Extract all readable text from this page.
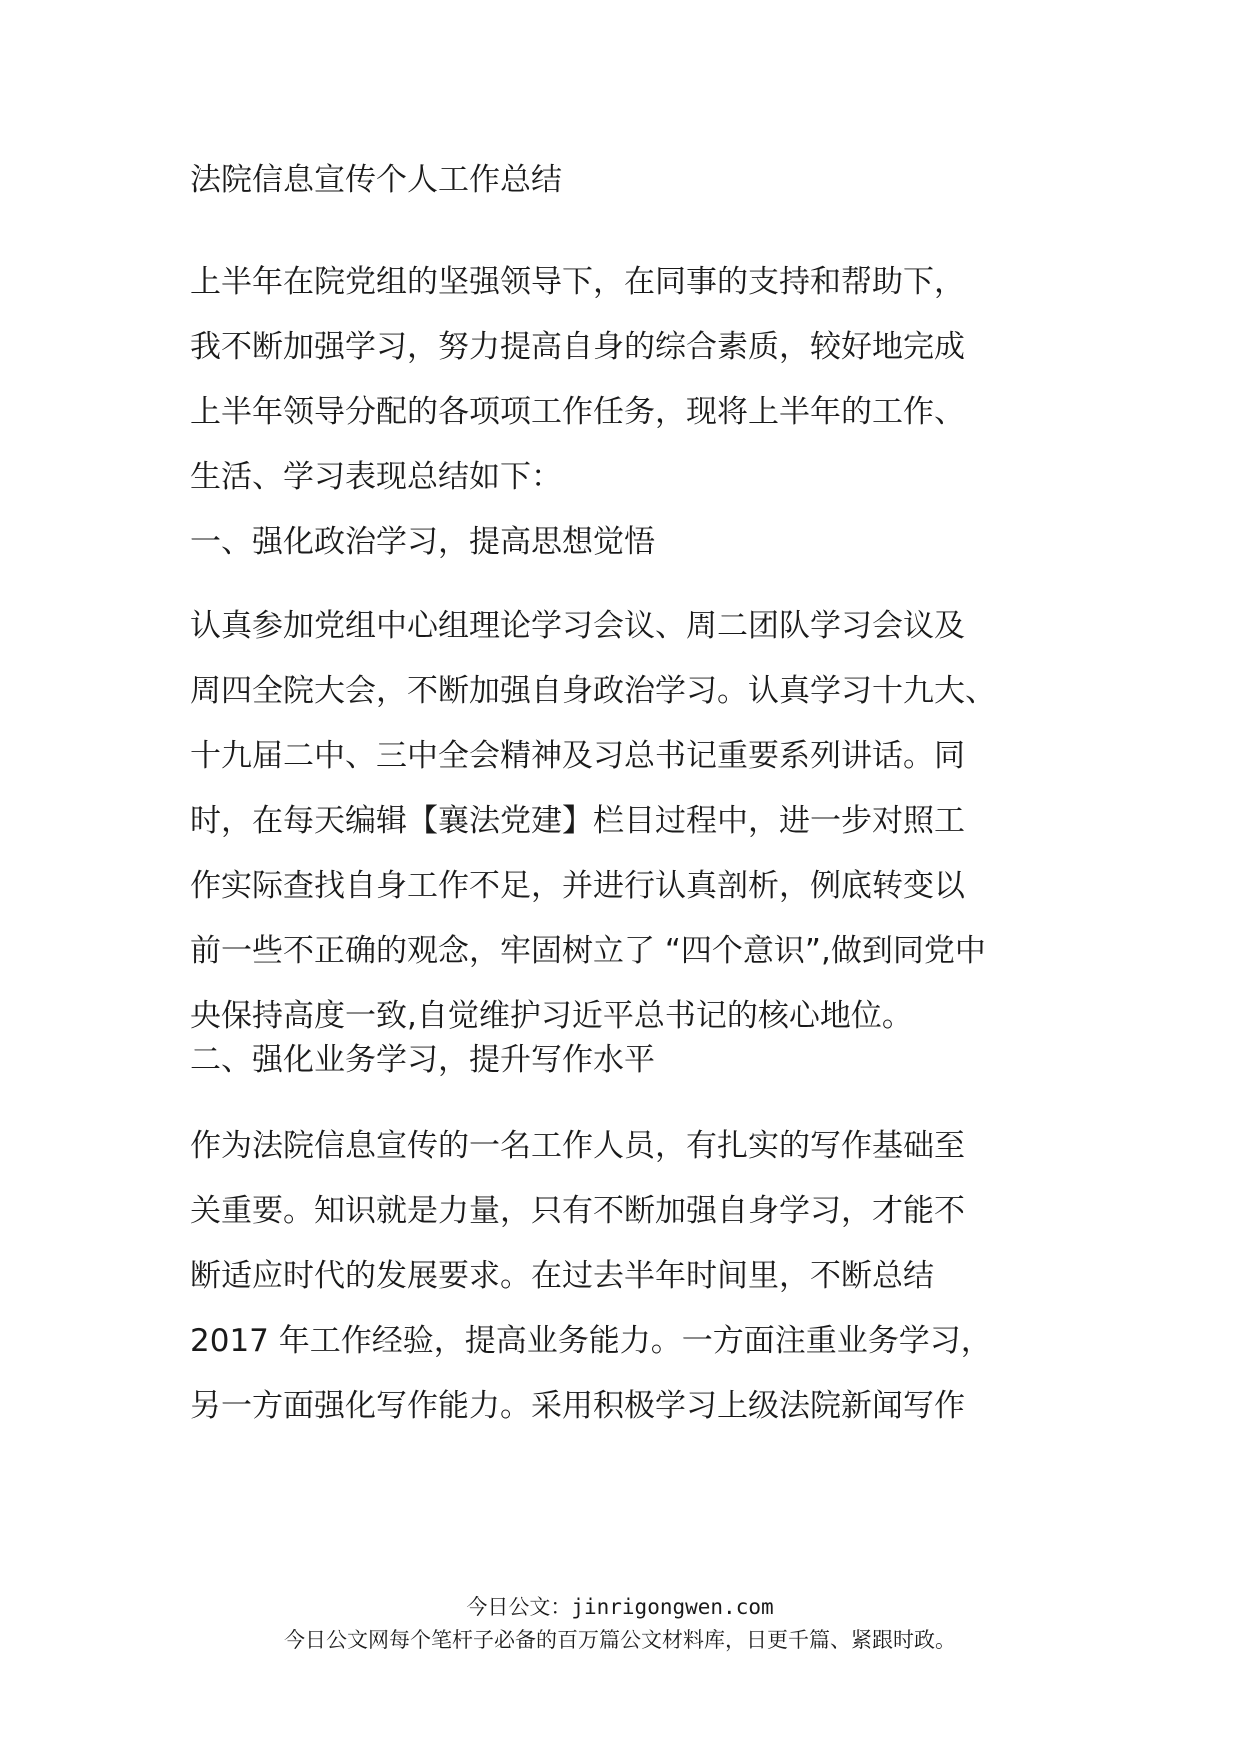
法院信息宣传个人工作总结
上半年在院党组的坚强领导下，在同事的支持和帮助下，
我不断加强学习，努力提高自身的综合素质，较好地完成
上半年领导分配的各项项工作任务，现将上半年的工作、
生活、学习表现总结如下：
一、强化政治学习，提高思想觉悟
认真参加党组中心组理论学习会议、周二团队学习会议及
周四全院大会，不断加强自身政治学习。认真学习十九大、
十九届二中、三中全会精神及习总书记重要系列讲话。同
时，在每天编辑【襄法党建】栏目过程中，进一步对照工
作实际查找自身工作不足，并进行认真剖析，例底转变以
前一些不正确的观念，牢固树立了 “四个意识”,做到同党中
央保持高度一致,自觉维护习近平总书记的核心地位。
二、强化业务学习，提升写作水平
作为法院信息宣传的一名工作人员，有扎实的写作基础至
关重要。知识就是力量，只有不断加强自身学习，才能不
断适应时代的发展要求。在过去半年时间里，不断总结
2017 年工作经验，提高业务能力。一方面注重业务学习，
另一方面强化写作能力。采用积极学习上级法院新闻写作
今日公文：jinrigongwen.com
今日公文网每个笔杆子必备的百万篇公文材料库，日更千篇、紧跟时政。
